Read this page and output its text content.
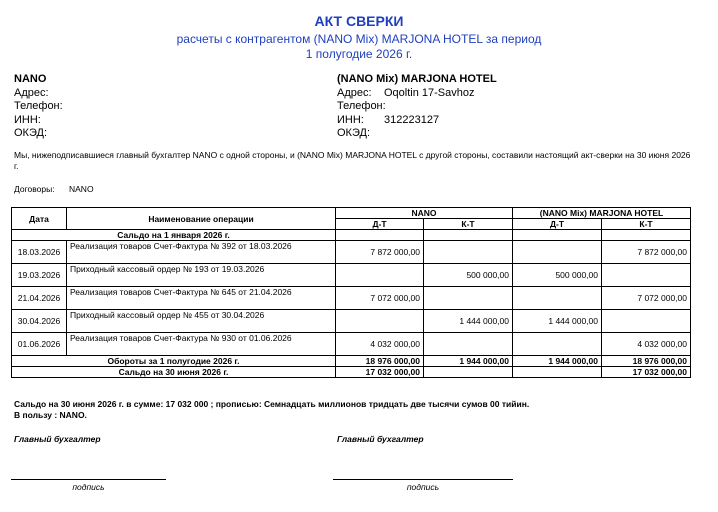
АКТ СВЕРКИ
расчеты с контрагентом (NANO Mix) MARJONA HOTEL за период
1 полугодие 2026 г.
NANO
Адрес:
Телефон:
ИНН:
ОКЭД:
(NANO Mix) MARJONA HOTEL
Адрес: Oqoltin 17-Savhoz
Телефон:
ИНН: 312223127
ОКЭД:
Мы, нижеподписавшиеся главный бухгалтер NANO с одной стороны, и (NANO Mix) MARJONA HOTEL с другой стороны, составили настоящий акт-сверки на 30 июня 2026 г.
Договоры: NANO
Дата	Наименование операции	NANO		(NANO Mix) MARJONA HOTEL	
		Д-Т	К-Т	Д-Т	К-Т
Сальдо на 1 января 2026 г.					
18.03.2026	Реализация товаров Счет-Фактура № 392 от 18.03.2026	7 872 000,00			7 872 000,00
19.03.2026	Приходный кассовый ордер № 193 от 19.03.2026		500 000,00	500 000,00	
21.04.2026	Реализация товаров Счет-Фактура № 645 от 21.04.2026	7 072 000,00			7 072 000,00
30.04.2026	Приходный кассовый ордер № 455 от 30.04.2026		1 444 000,00	1 444 000,00	
01.06.2026	Реализация товаров Счет-Фактура № 930 от 01.06.2026	4 032 000,00			4 032 000,00
Обороты за 1 полугодие 2026 г.		18 976 000,00	1 944 000,00	1 944 000,00	18 976 000,00
Сальдо на 30 июня 2026 г.		17 032 000,00			17 032 000,00
Сальдо на 30 июня 2026 г. в сумме: 17 032 000 ; прописью: Семнадцать миллионов тридцать две тысячи сумов 00 тийин.
В пользу : NANO.
Главный бухгалтер	Главный бухгалтер
подпись	подпись
